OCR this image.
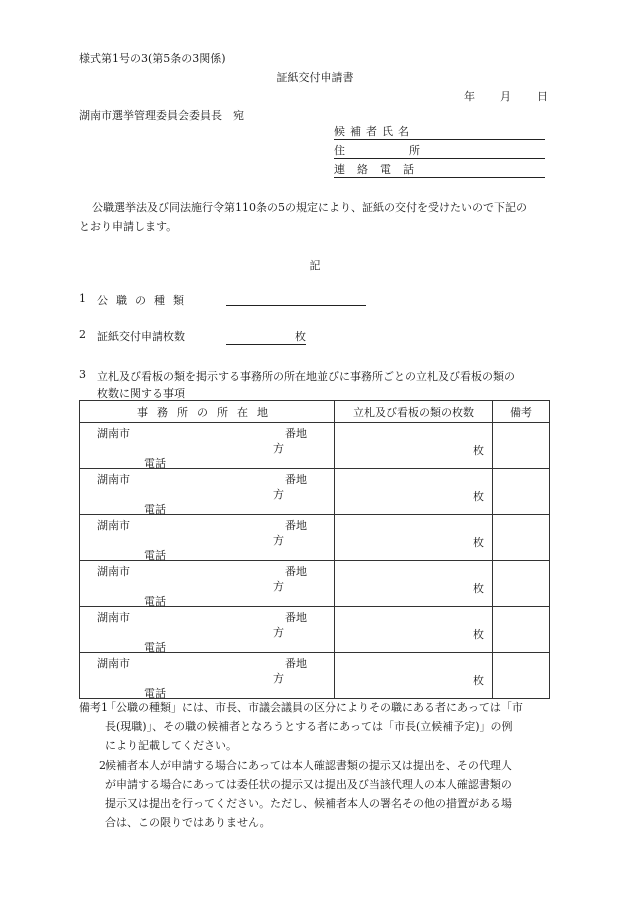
様式第1号の3(第5条の3関係)
証紙交付申請書
年 月 日
湖南市選挙管理委員会委員長　宛
候補者氏名
住　　所
連絡電話
公職選挙法及び同法施行令第110条の5の規定により、証紙の交付を受けたいので下記の
とおり申請します。
記
1 公職の種類
2 証紙交付申請枚数	枚
3 立札及び看板の類を掲示する事務所の所在地並びに事務所ごとの立札及び看板の類の
枚数に関する事項
事務所の所在地	立札及び看板の類の枚数	備考

湖南市 番地
方
電話	枚	

湖南市 番地
方
電話	枚	

湖南市 番地
方
電話	枚	

湖南市 番地
方
電話	枚	

湖南市 番地
方
電話	枚	

湖南市 番地
方
電話	枚	

備考1
「公職の種類」には、市長、市議会議員の区分によりその職にある者にあっては「市
長(現職)」、その職の候補者となろうとする者にあっては「市長(立候補予定)」の例
により記載してください。
2 候補者本人が申請する場合にあっては本人確認書類の提示又は提出を、その代理人
が申請する場合にあっては委任状の提示又は提出及び当該代理人の本人確認書類の
提示又は提出を行ってください。ただし、候補者本人の署名その他の措置がある場
合は、この限りではありません。
